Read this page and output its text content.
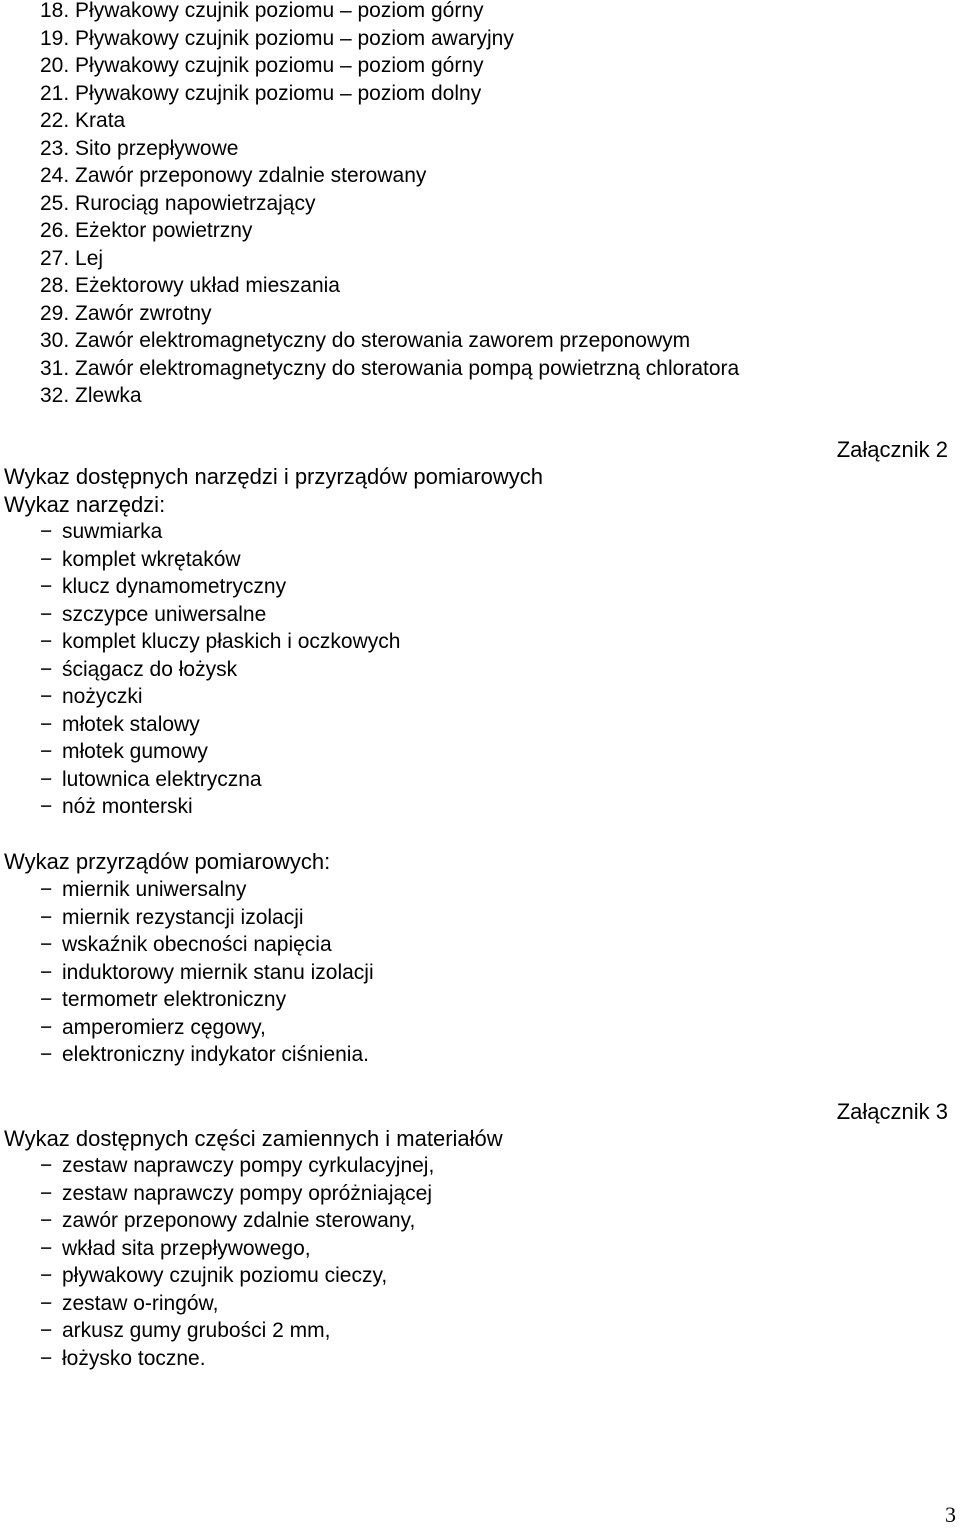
18. Pływakowy czujnik poziomu – poziom górny
19. Pływakowy czujnik poziomu – poziom awaryjny
20. Pływakowy czujnik poziomu – poziom górny
21. Pływakowy czujnik poziomu – poziom dolny
22. Krata
23. Sito przepływowe
24. Zawór przeponowy zdalnie sterowany
25. Rurociąg napowietrzający
26. Eżektor powietrzny
27. Lej
28. Eżektorowy układ mieszania
29. Zawór zwrotny
30. Zawór elektromagnetyczny do sterowania zaworem przeponowym
31. Zawór elektromagnetyczny do sterowania pompą powietrzną chloratora
32. Zlewka
Załącznik 2
Wykaz dostępnych narzędzi i przyrządów pomiarowych
Wykaz narzędzi:
− suwmiarka
− komplet wkrętaków
− klucz dynamometryczny
− szczypce uniwersalne
− komplet kluczy płaskich i oczkowych
− ściągacz do łożysk
− nożyczki
− młotek stalowy
− młotek gumowy
− lutownica elektryczna
− nóż monterski
Wykaz przyrządów pomiarowych:
− miernik uniwersalny
− miernik rezystancji izolacji
− wskaźnik obecności napięcia
− induktorowy miernik stanu izolacji
− termometr elektroniczny
− amperomierz cęgowy,
− elektroniczny indykator ciśnienia.
Załącznik 3
Wykaz dostępnych części zamiennych i materiałów
− zestaw naprawczy pompy cyrkulacyjnej,
− zestaw naprawczy pompy opróżniającej
− zawór przeponowy zdalnie sterowany,
− wkład sita przepływowego,
− pływakowy czujnik poziomu cieczy,
− zestaw o-ringów,
− arkusz gumy grubości 2 mm,
− łożysko toczne.
3
